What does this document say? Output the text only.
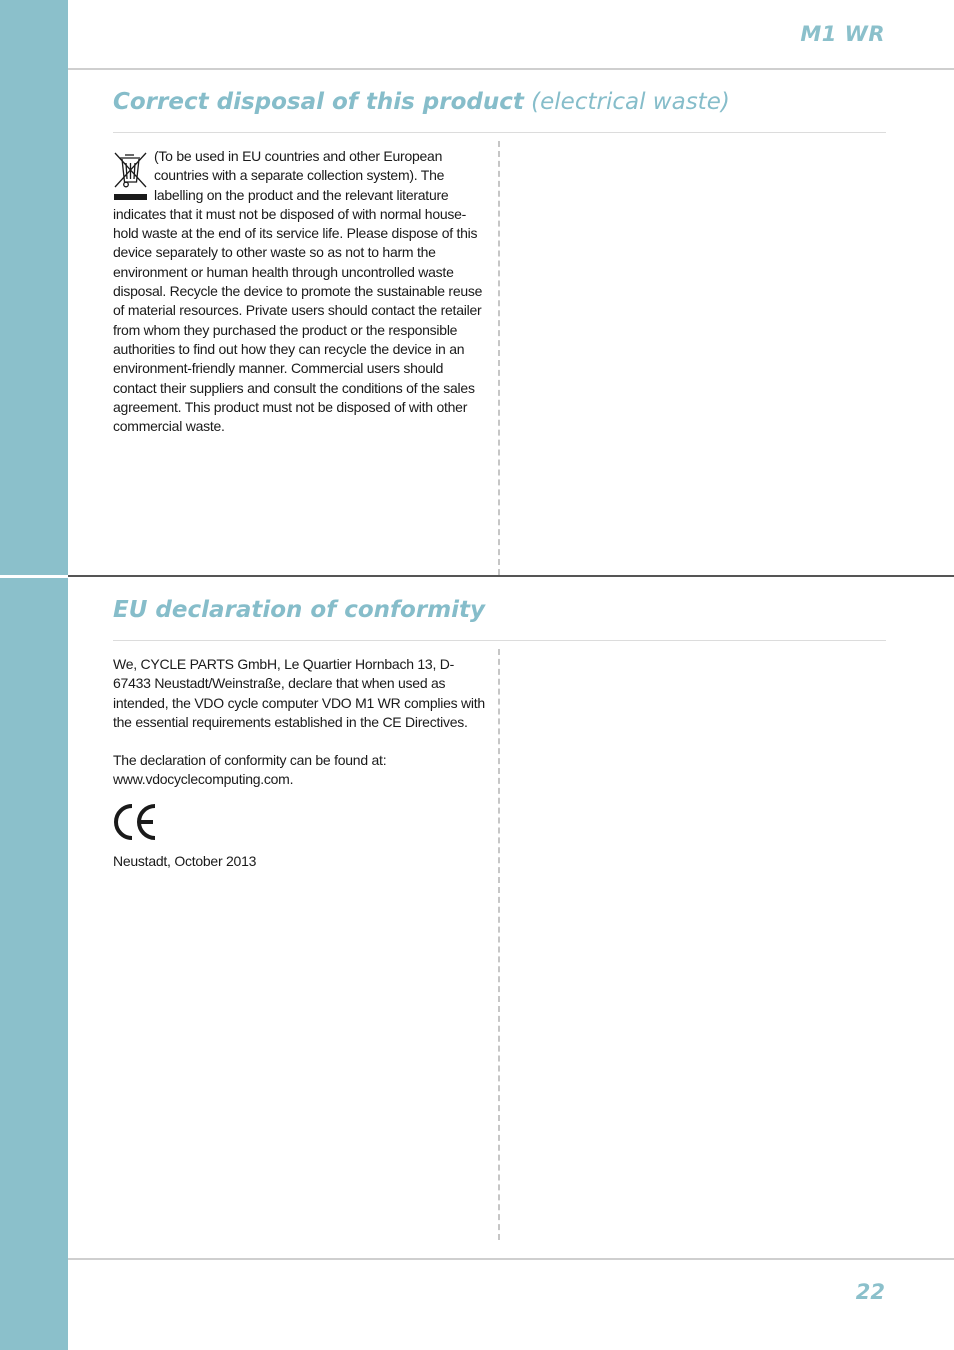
M1 WR
Correct disposal of this product (electrical waste)

(To be used in EU countries and other European countries with a separate collection system). The labelling on the product and the relevant literature indicates that it must not be disposed of with normal house-hold waste at the end of its service life. Please dispose of this device separately to other waste so as not to harm the environment or human health through uncontrolled waste disposal. Recycle the device to promote the sustainable reuse of material resources. Private users should contact the retailer from whom they purchased the product or the responsible authorities to find out how they can recycle the device in an environment-friendly manner. Commercial users should contact their suppliers and consult the conditions of the sales agreement. This product must not be disposed of with other commercial waste.

EU declaration of conformity

We, CYCLE PARTS GmbH, Le Quartier Hornbach 13, D-67433 Neustadt/Weinstraße, declare that when used as intended, the VDO cycle computer VDO M1 WR complies with the essential requirements established in the CE Directives.

The declaration of conformity can be found at:

www.vdocyclecomputing.com.

Neustadt, October 2013

22
